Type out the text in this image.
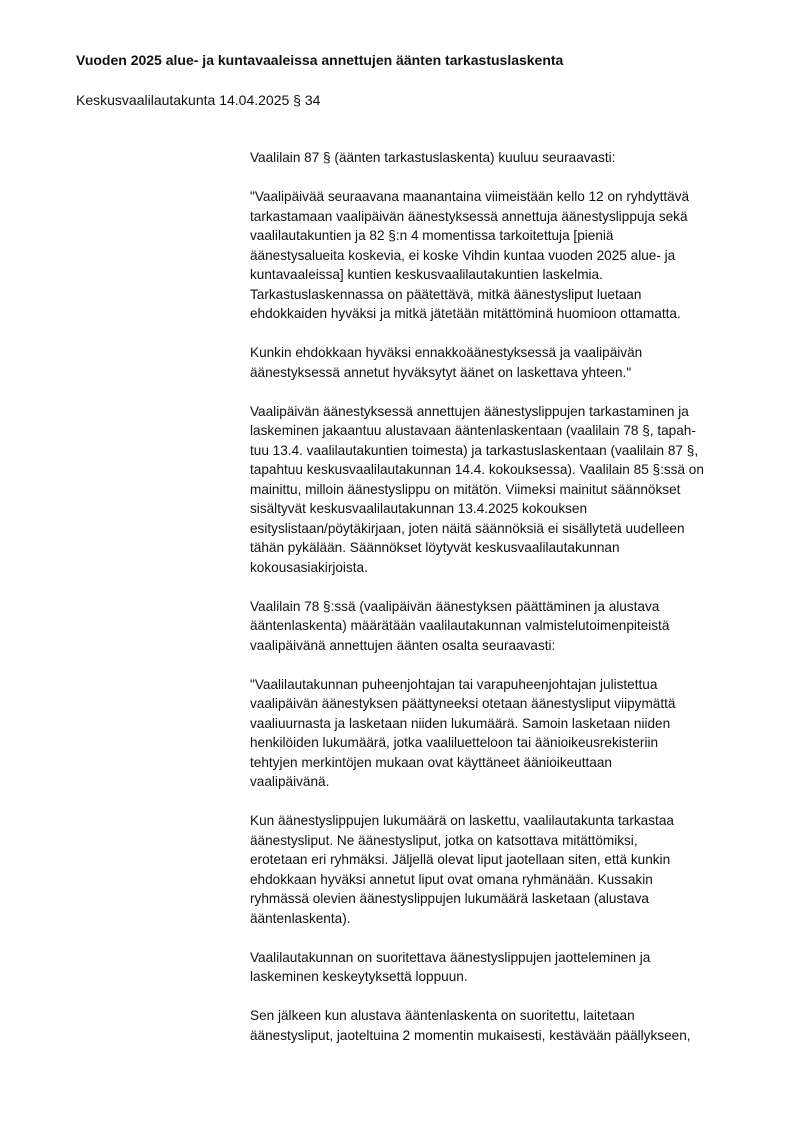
Vuoden 2025 alue- ja kuntavaaleissa annettujen äänten tarkastuslaskenta
Keskusvaalilautakunta 14.04.2025 § 34

Vaalilain 87 § (äänten tarkastuslaskenta) kuuluu seuraavasti:

"Vaalipäivää seuraavana maanantaina viimeistään kello 12 on ryhdyttävä
tarkastamaan vaalipäivän äänestyksessä annettuja äänestyslippuja sekä
vaalilautakuntien ja 82 §:n 4 momentissa tarkoitettuja [pieniä
äänestysalueita koskevia, ei koske Vihdin kuntaa vuoden 2025 alue- ja
kuntavaaleissa] kuntien keskusvaalilautakuntien laskelmia.
Tarkastuslaskennassa on päätettävä, mitkä äänestysliput luetaan
ehdokkaiden hyväksi ja mitkä jätetään mitättöminä huomioon ottamatta.

Kunkin ehdokkaan hyväksi ennakkoäänestyksessä ja vaalipäivän
äänestyksessä annetut hyväksytyt äänet on laskettava yhteen."

Vaalipäivän äänestyksessä annettujen äänestyslippujen tarkastaminen ja
laskeminen jakaantuu alustavaan ääntenlaskentaan (vaalilain 78 §, tapah-
tuu 13.4. vaalilautakuntien toimesta) ja tarkastuslaskentaan (vaalilain 87 §,
tapahtuu keskusvaalilautakunnan 14.4. kokouksessa). Vaalilain 85 §:ssä on
mainittu, milloin äänestyslippu on mitätön. Viimeksi mainitut säännökset
sisältyvät keskusvaalilautakunnan 13.4.2025 kokouksen
esityslistaan/pöytäkirjaan, joten näitä säännöksiä ei sisällytetä uudelleen
tähän pykälään. Säännökset löytyvät keskusvaalilautakunnan
kokousasiakirjoista.

Vaalilain 78 §:ssä (vaalipäivän äänestyksen päättäminen ja alustava
ääntenlaskenta) määrätään vaalilautakunnan valmistelutoimenpiteistä
vaalipäivänä annettujen äänten osalta seuraavasti:

"Vaalilautakunnan puheenjohtajan tai varapuheenjohtajan julistettua
vaalipäivän äänestyksen päättyneeksi otetaan äänestysliput viipymättä
vaaliuurnasta ja lasketaan niiden lukumäärä. Samoin lasketaan niiden
henkilöiden lukumäärä, jotka vaaliluetteloon tai äänioikeusrekisteriin
tehtyjen merkintöjen mukaan ovat käyttäneet äänioikeuttaan
vaalipäivänä.

Kun äänestyslippujen lukumäärä on laskettu, vaalilautakunta tarkastaa
äänestysliput. Ne äänestysliput, jotka on katsottava mitättömiksi,
erotetaan eri ryhmäksi. Jäljellä olevat liput jaotellaan siten, että kunkin
ehdokkaan hyväksi annetut liput ovat omana ryhmänään. Kussakin
ryhmässä olevien äänestyslippujen lukumäärä lasketaan (alustava
ääntenlaskenta).

Vaalilautakunnan on suoritettava äänestyslippujen jaotteleminen ja
laskeminen keskeytyksettä loppuun.

Sen jälkeen kun alustava ääntenlaskenta on suoritettu, laitetaan
äänestysliput, jaoteltuina 2 momentin mukaisesti, kestävään päällykseen,
